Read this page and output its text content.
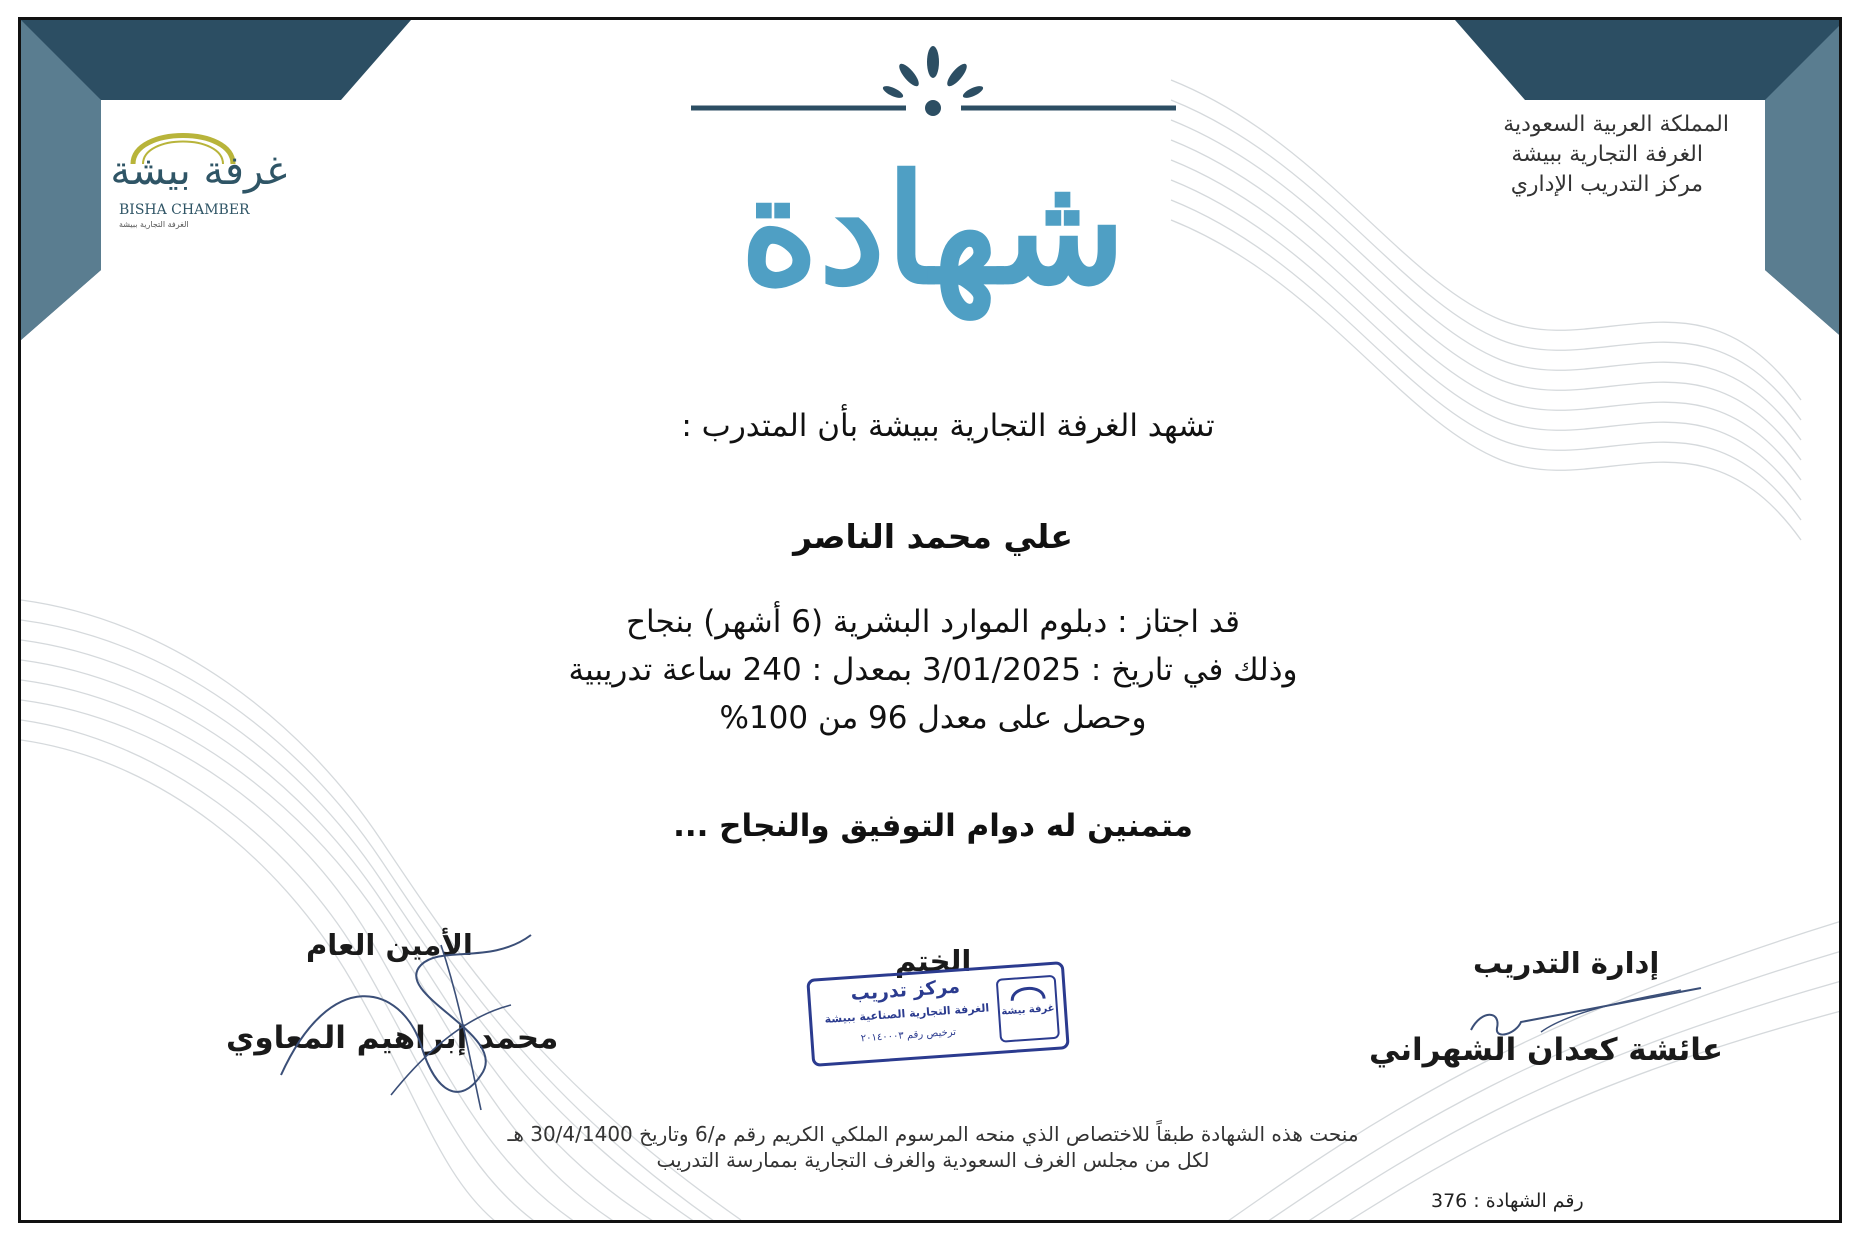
غرفة بيشة
BISHA CHAMBER
الغرفة التجارية ببيشة
المملكة العربية السعودية
الغرفة التجارية ببيشة
مركز التدريب الإداري
شهادة
تشهد الغرفة التجارية ببيشة بأن المتدرب :
علي محمد الناصر
قد اجتاز : دبلوم الموارد البشرية (6 أشهر) بنجاح
وذلك في تاريخ : 3/01/2025 بمعدل : 240 ساعة تدريبية
وحصل على معدل 96 من 100%
متمنين له دوام التوفيق والنجاح ...
الأمين العام
محمد إبراهيم المعاوي
الختم
غرفة بيشة
مركز تدريب
الغرفة التجارية الصناعية ببيشة
ترخيص رقم ٢٠١٤٠٠٠٣
إدارة التدريب
عائشة كعدان الشهراني
منحت هذه الشهادة طبقاً للاختصاص الذي منحه المرسوم الملكي الكريم رقم م/6 وتاريخ 30/4/1400 هـ
لكل من مجلس الغرف السعودية والغرف التجارية بممارسة التدريب
رقم الشهادة : 376
